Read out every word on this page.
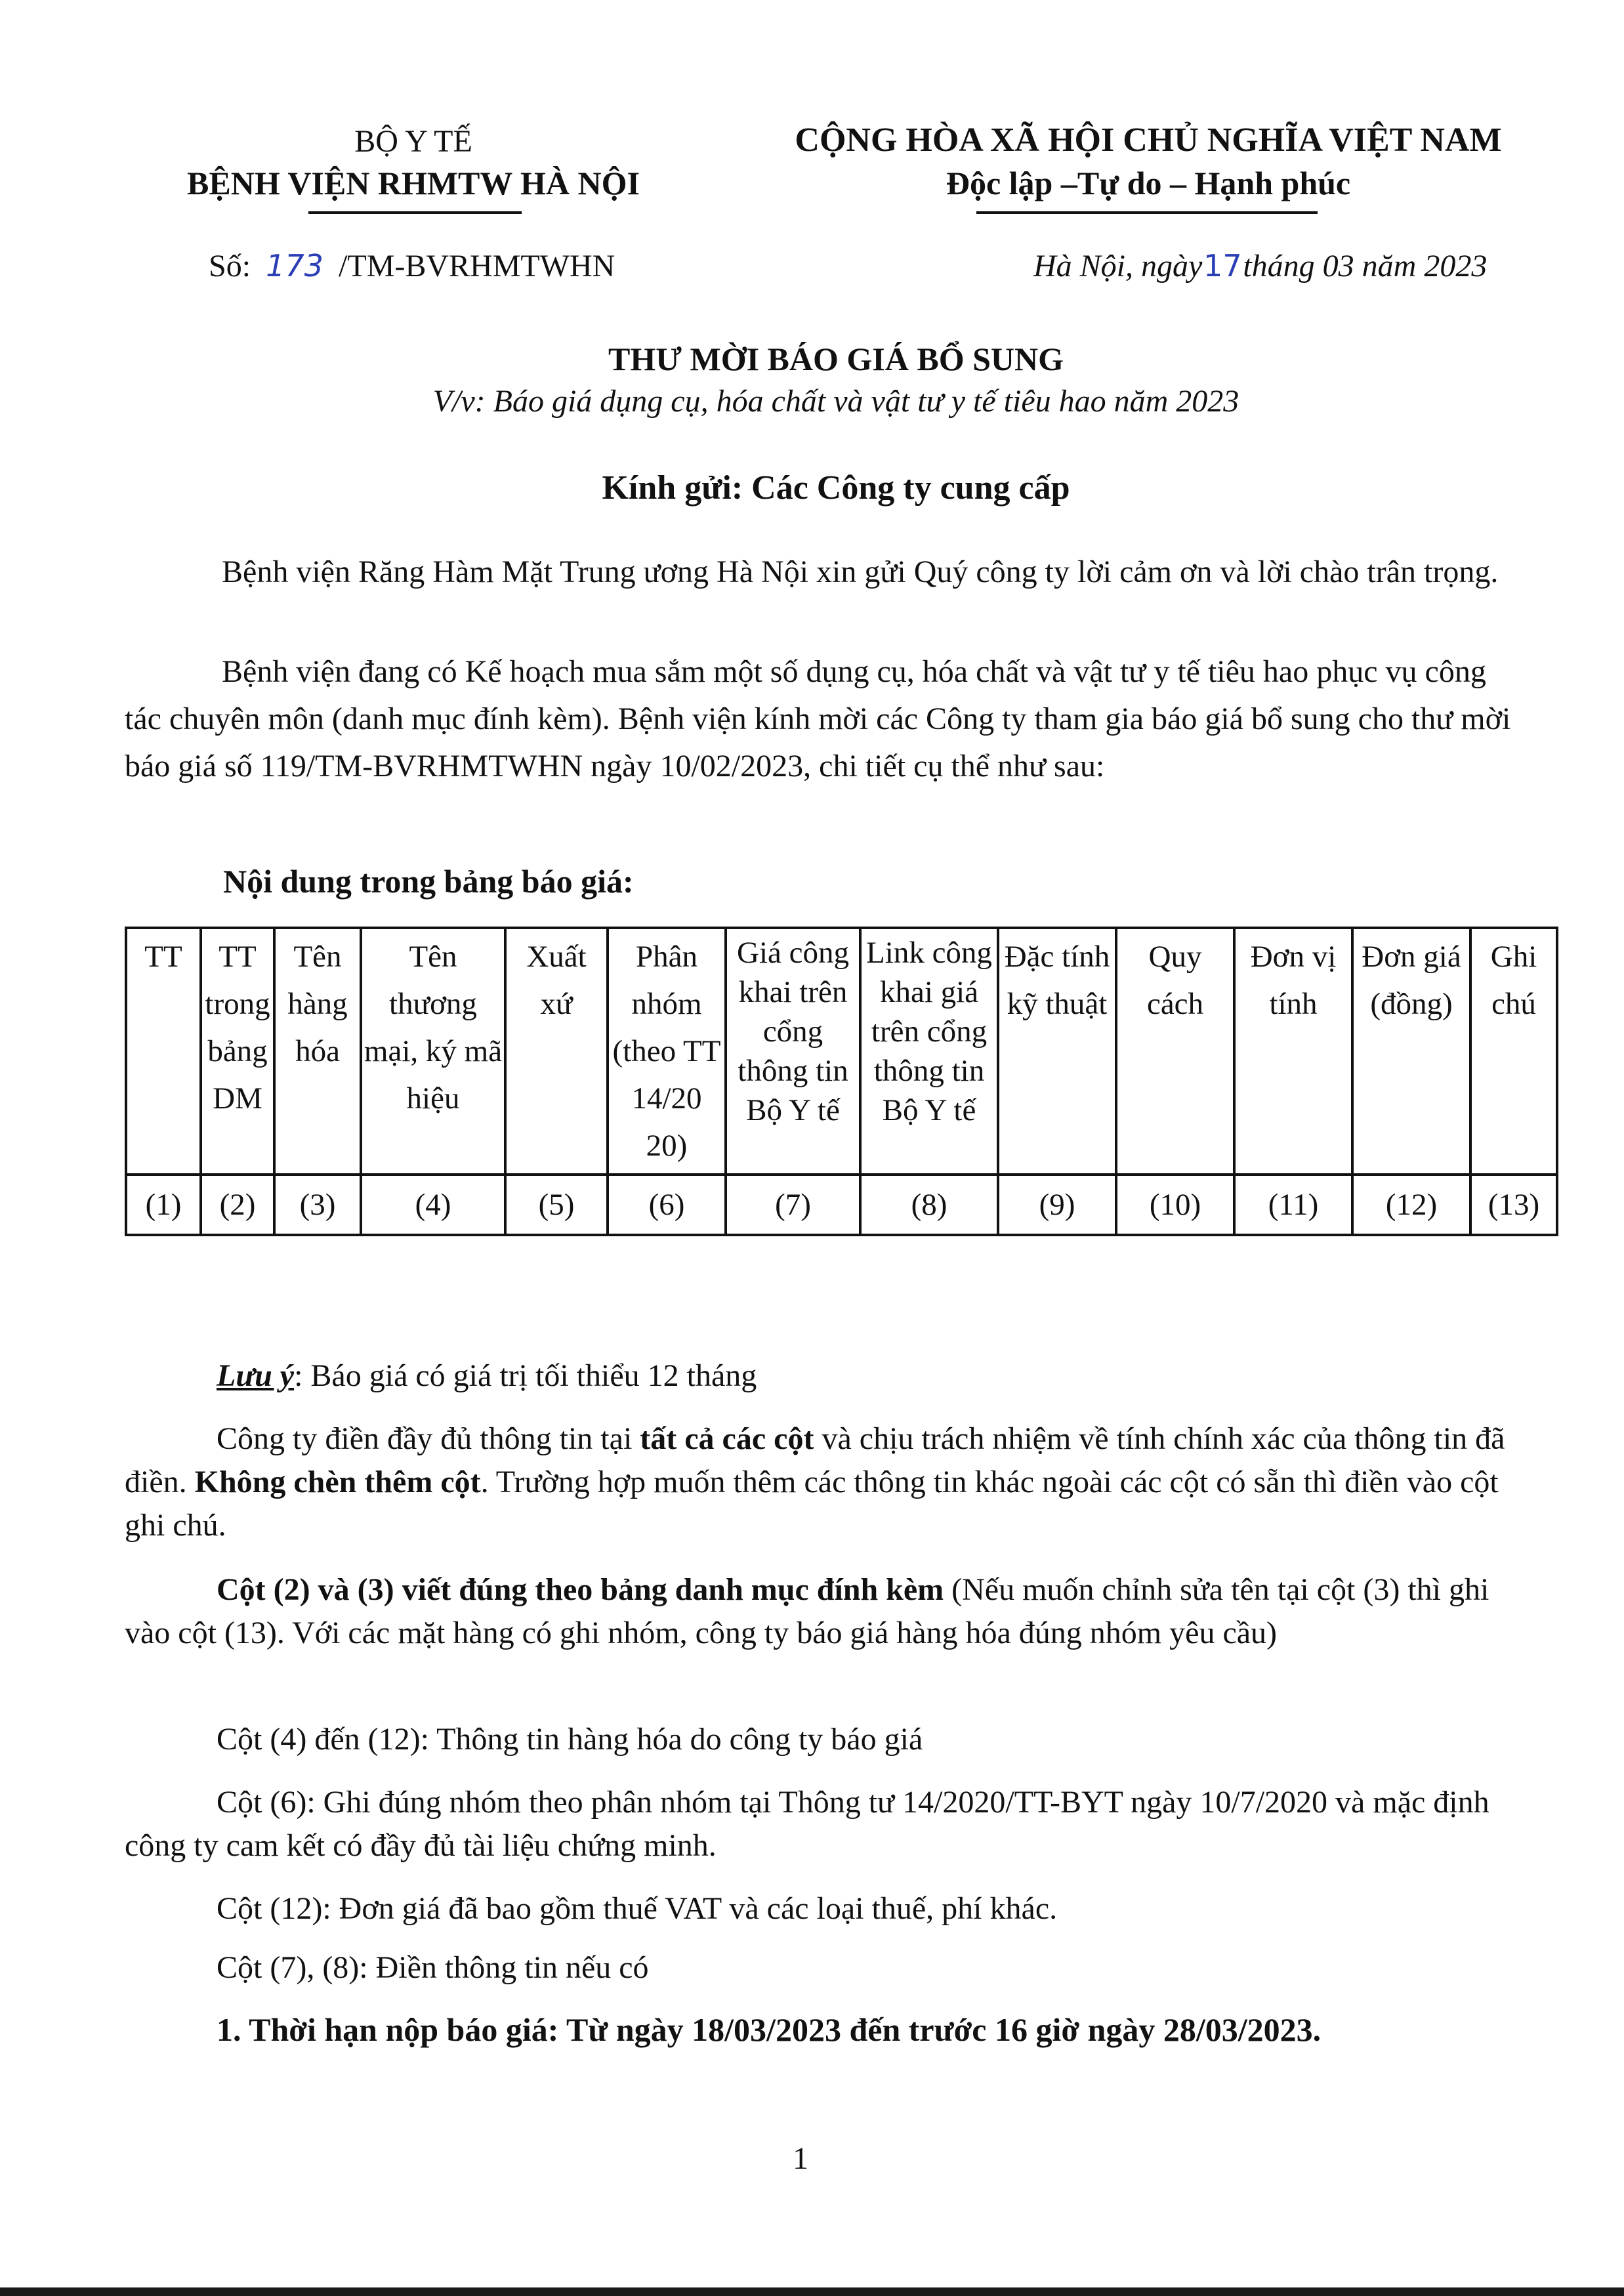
BỘ Y TẾ
BỆNH VIỆN RHMTW HÀ NỘI
CỘNG HÒA XÃ HỘI CHỦ NGHĨA VIỆT NAM
Độc lập –Tự do – Hạnh phúc
Số: 173 /TM-BVRHMTWHN	Hà Nội, ngày17tháng 03 năm 2023
THƯ MỜI BÁO GIÁ BỔ SUNG
V/v: Báo giá dụng cụ, hóa chất và vật tư y tế tiêu hao năm 2023
Kính gửi: Các Công ty cung cấp
Bệnh viện Răng Hàm Mặt Trung ương Hà Nội xin gửi Quý công ty lời cảm ơn và lời chào trân trọng.
Bệnh viện đang có Kế hoạch mua sắm một số dụng cụ, hóa chất và vật tư y tế tiêu hao phục vụ công tác chuyên môn (danh mục đính kèm). Bệnh viện kính mời các Công ty tham gia báo giá bổ sung cho thư mời báo giá số 119/TM-BVRHMTWHN ngày 10/02/2023, chi tiết cụ thể như sau:
Nội dung trong bảng báo giá:
TT	TT trong bảng DM	Tên hàng hóa	Tên thương mại, ký mã hiệu	Xuất xứ	Phân nhóm (theo TT 14/20 20)	Giá công khai trên cổng thông tin Bộ Y tế	Link công khai giá trên cổng thông tin Bộ Y tế	Đặc tính kỹ thuật	Quy cách	Đơn vị tính	Đơn giá (đồng)	Ghi chú
(1)	(2)	(3)	(4)	(5)	(6)	(7)	(8)	(9)	(10)	(11)	(12)	(13)
Lưu ý: Báo giá có giá trị tối thiểu 12 tháng
Công ty điền đầy đủ thông tin tại tất cả các cột và chịu trách nhiệm về tính chính xác của thông tin đã điền. Không chèn thêm cột. Trường hợp muốn thêm các thông tin khác ngoài các cột có sẵn thì điền vào cột ghi chú.
Cột (2) và (3) viết đúng theo bảng danh mục đính kèm (Nếu muốn chỉnh sửa tên tại cột (3) thì ghi vào cột (13). Với các mặt hàng có ghi nhóm, công ty báo giá hàng hóa đúng nhóm yêu cầu)
Cột (4) đến (12): Thông tin hàng hóa do công ty báo giá
Cột (6): Ghi đúng nhóm theo phân nhóm tại Thông tư 14/2020/TT-BYT ngày 10/7/2020 và mặc định công ty cam kết có đầy đủ tài liệu chứng minh.
Cột (12): Đơn giá đã bao gồm thuế VAT và các loại thuế, phí khác.
Cột (7), (8): Điền thông tin nếu có
1. Thời hạn nộp báo giá: Từ ngày 18/03/2023 đến trước 16 giờ ngày 28/03/2023.
1
